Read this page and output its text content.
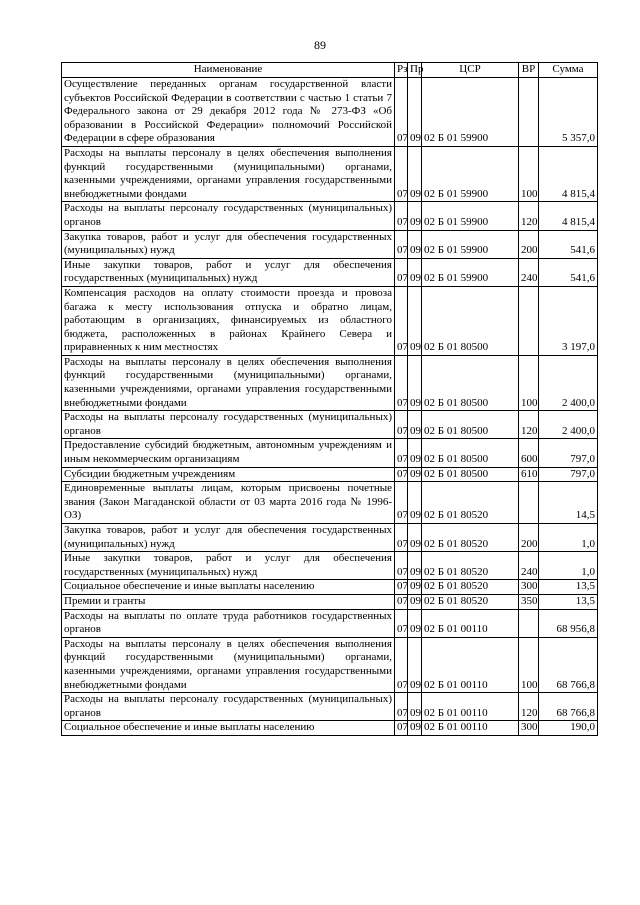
89
Наименование	Рз	Пр	ЦСР	ВР	Сумма
Осуществление переданных органам государственной власти субъектов Российской Федерации в соответствии с частью 1 статьи 7 Федерального закона от 29 декабря 2012 года № 273-ФЗ «Об образовании в Российской Федерации» полномочий Российской Федерации в сфере образования	07	09	02 Б 01 59900		5 357,0
Расходы на выплаты персоналу в целях обеспечения выполнения функций государственными (муниципальными) органами, казенными учреждениями, органами управления государственными внебюджетными фондами	07	09	02 Б 01 59900	100	4 815,4
Расходы на выплаты персоналу государственных (муниципальных) органов	07	09	02 Б 01 59900	120	4 815,4
Закупка товаров, работ и услуг для обеспечения государственных (муниципальных) нужд	07	09	02 Б 01 59900	200	541,6
Иные закупки товаров, работ и услуг для обеспечения государственных (муниципальных) нужд	07	09	02 Б 01 59900	240	541,6
Компенсация расходов на оплату стоимости проезда и провоза багажа к месту использования отпуска и обратно лицам, работающим в организациях, финансируемых из областного бюджета, расположенных в районах Крайнего Севера и приравненных к ним местностях	07	09	02 Б 01 80500		3 197,0
Расходы на выплаты персоналу в целях обеспечения выполнения функций государственными (муниципальными) органами, казенными учреждениями, органами управления государственными внебюджетными фондами	07	09	02 Б 01 80500	100	2 400,0
Расходы на выплаты персоналу государственных (муниципальных) органов	07	09	02 Б 01 80500	120	2 400,0
Предоставление субсидий бюджетным, автономным учреждениям и иным некоммерческим организациям	07	09	02 Б 01 80500	600	797,0
Субсидии бюджетным учреждениям	07	09	02 Б 01 80500	610	797,0
Единовременные выплаты лицам, которым присвоены почетные звания (Закон Магаданской области от 03 марта 2016 года № 1996-ОЗ)	07	09	02 Б 01 80520		14,5
Закупка товаров, работ и услуг для обеспечения государственных (муниципальных) нужд	07	09	02 Б 01 80520	200	1,0
Иные закупки товаров, работ и услуг для обеспечения государственных (муниципальных) нужд	07	09	02 Б 01 80520	240	1,0
Социальное обеспечение и иные выплаты населению	07	09	02 Б 01 80520	300	13,5
Премии и гранты	07	09	02 Б 01 80520	350	13,5
Расходы на выплаты по оплате труда работников государственных органов	07	09	02 Б 01 00110		68 956,8
Расходы на выплаты персоналу в целях обеспечения выполнения функций государственными (муниципальными) органами, казенными учреждениями, органами управления государственными внебюджетными фондами	07	09	02 Б 01 00110	100	68 766,8
Расходы на выплаты персоналу государственных (муниципальных) органов	07	09	02 Б 01 00110	120	68 766,8
Социальное обеспечение и иные выплаты населению	07	09	02 Б 01 00110	300	190,0
